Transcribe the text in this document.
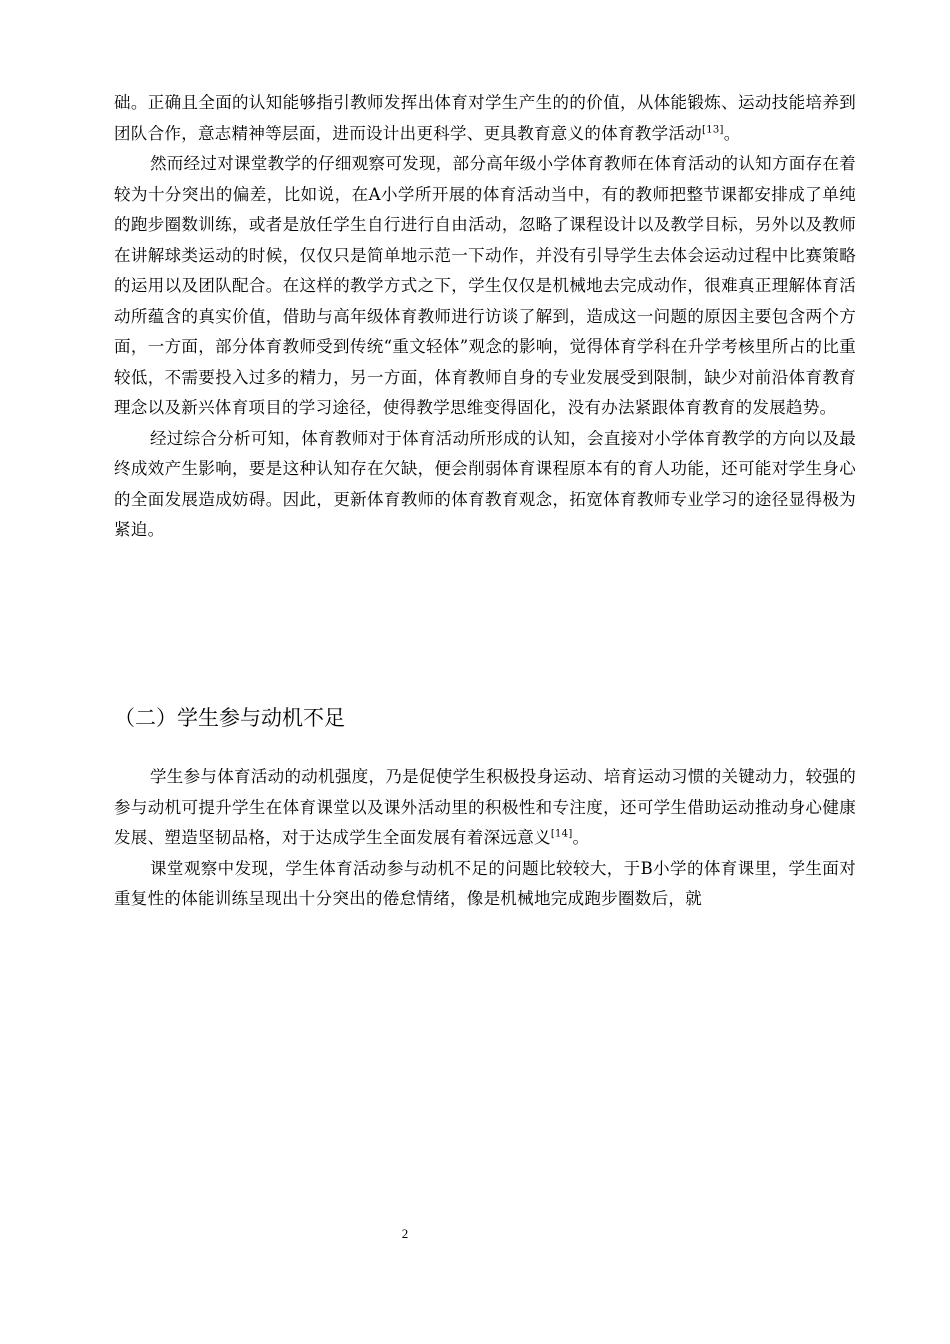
础。正确且全面的认知能够指引教师发挥出体育对学生产生的的价值，从体能锻炼、运动技能培养到团队合作，意志精神等层面，进而设计出更科学、更具教育意义的体育教学活动[13]。

然而经过对课堂教学的仔细观察可发现，部分高年级小学体育教师在体育活动的认知方面存在着较为十分突出的偏差，比如说，在A小学所开展的体育活动当中，有的教师把整节课都安排成了单纯的跑步圈数训练，或者是放任学生自行进行自由活动，忽略了课程设计以及教学目标，另外以及教师在讲解球类运动的时候，仅仅只是简单地示范一下动作，并没有引导学生去体会运动过程中比赛策略的运用以及团队配合。在这样的教学方式之下，学生仅仅是机械地去完成动作，很难真正理解体育活动所蕴含的真实价值，借助与高年级体育教师进行访谈了解到，造成这一问题的原因主要包含两个方面，一方面，部分体育教师受到传统“重文轻体”观念的影响，觉得体育学科在升学考核里所占的比重较低，不需要投入过多的精力，另一方面，体育教师自身的专业发展受到限制，缺少对前沿体育教育理念以及新兴体育项目的学习途径，使得教学思维变得固化，没有办法紧跟体育教育的发展趋势。

经过综合分析可知，体育教师对于体育活动所形成的认知，会直接对小学体育教学的方向以及最终成效产生影响，要是这种认知存在欠缺，便会削弱体育课程原本有的育人功能，还可能对学生身心的全面发展造成妨碍。因此，更新体育教师的体育教育观念，拓宽体育教师专业学习的途径显得极为紧迫。

（二）学生参与动机不足

学生参与体育活动的动机强度，乃是促使学生积极投身运动、培育运动习惯的关键动力，较强的参与动机可提升学生在体育课堂以及课外活动里的积极性和专注度，还可学生借助运动推动身心健康发展、塑造坚韧品格，对于达成学生全面发展有着深远意义[14]。

课堂观察中发现，学生体育活动参与动机不足的问题比较较大，于B小学的体育课里，学生面对重复性的体能训练呈现出十分突出的倦怠情绪，像是机械地完成跑步圈数后，就

2
